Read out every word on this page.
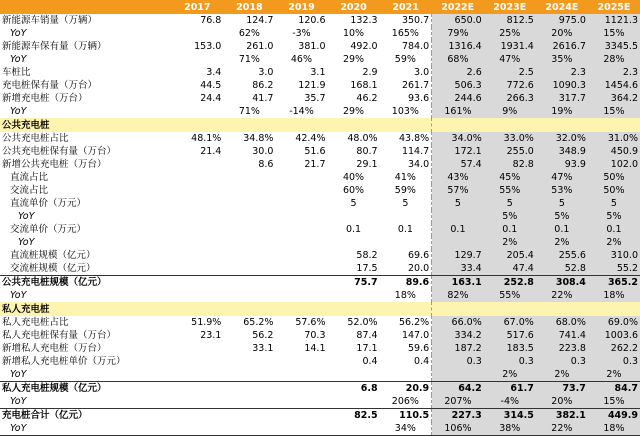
	2017	2018	2019	2020	2021	2022E	2023E	2024E	2025E
新能源车销量（万辆）	76.8	124.7	120.6	132.3	350.7	650.0	812.5	975.0	1121.3
YoY		62%	-3%	10%	165%	79%	25%	20%	15%
新能源车保有量（万辆）	153.0	261.0	381.0	492.0	784.0	1316.4	1931.4	2616.7	3345.5
YoY		71%	46%	29%	59%	68%	47%	35%	28%
车桩比	3.4	3.0	3.1	2.9	3.0	2.6	2.5	2.3	2.3
充电桩保有量（万台）	44.5	86.2	121.9	168.1	261.7	506.3	772.6	1090.3	1454.6
新增充电桩（万台）	24.4	41.7	35.7	46.2	93.6	244.6	266.3	317.7	364.2
YoY		71%	-14%	29%	103%	161%	9%	19%	15%
公共充电桩									
公共充电桩占比	48.1%	34.8%	42.4%	48.0%	43.8%	34.0%	33.0%	32.0%	31.0%
公共充电桩保有量（万台）	21.4	30.0	51.6	80.7	114.7	172.1	255.0	348.9	450.9
新增公共充电桩（万台）		8.6	21.7	29.1	34.0	57.4	82.8	93.9	102.0
直流占比				40%	41%	43%	45%	47%	50%
交流占比				60%	59%	57%	55%	53%	50%
直流单价（万元）				5	5	5	5	5	5
YoY							5%	5%	5%
交流单价（万元）				0.1	0.1	0.1	0.1	0.1	0.1
YoY							2%	2%	2%
直流桩规模（亿元）				58.2	69.6	129.7	205.4	255.6	310.0
交流桩规模（亿元）				17.5	20.0	33.4	47.4	52.8	55.2
公共充电桩规模（亿元）				75.7	89.6	163.1	252.8	308.4	365.2
YoY					18%	82%	55%	22%	18%
私人充电桩									
私人充电桩占比	51.9%	65.2%	57.6%	52.0%	56.2%	66.0%	67.0%	68.0%	69.0%
私人充电桩保有量（万台）	23.1	56.2	70.3	87.4	147.0	334.2	517.6	741.4	1003.6
新增私人充电桩（万台）		33.1	14.1	17.1	59.6	187.2	183.5	223.8	262.2
新增私人充电桩单价（万元）				0.4	0.4	0.3	0.3	0.3	0.3
YoY							2%	2%	2%
私人充电桩规模（亿元）				6.8	20.9	64.2	61.7	73.7	84.7
YoY					206%	207%	-4%	20%	15%
充电桩合计（亿元）				82.5	110.5	227.3	314.5	382.1	449.9
YoY					34%	106%	38%	22%	18%
